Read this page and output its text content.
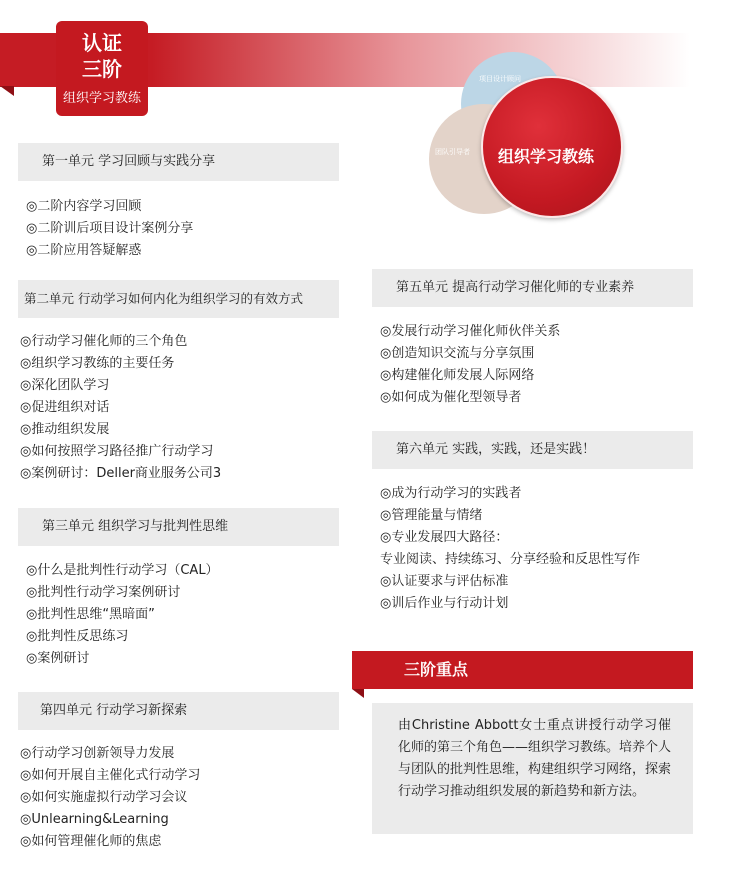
认证
三阶
组织学习教练
项目设计顾问
团队引导者 组织学习教练
第一单元 学习回顾与实践分享
◎二阶内容学习回顾
◎二阶训后项目设计案例分享
◎二阶应用答疑解惑
第二单元 行动学习如何内化为组织学习的有效方式
◎行动学习催化师的三个角色
◎组织学习教练的主要任务
◎深化团队学习
◎促进组织对话
◎推动组织发展
◎如何按照学习路径推广行动学习
◎案例研讨：Deller商业服务公司3
第三单元 组织学习与批判性思维
◎什么是批判性行动学习（CAL）
◎批判性行动学习案例研讨
◎批判性思维“黑暗面”
◎批判性反思练习
◎案例研讨
第四单元 行动学习新探索
◎行动学习创新领导力发展
◎如何开展自主催化式行动学习
◎如何实施虚拟行动学习会议
◎Unlearning&Learning
◎如何管理催化师的焦虑
第五单元 提高行动学习催化师的专业素养
◎发展行动学习催化师伙伴关系
◎创造知识交流与分享氛围
◎构建催化师发展人际网络
◎如何成为催化型领导者
第六单元 实践，实践，还是实践！
◎成为行动学习的实践者
◎管理能量与情绪
◎专业发展四大路径：
专业阅读、持续练习、分享经验和反思性写作
◎认证要求与评估标准
◎训后作业与行动计划
三阶重点
由Christine Abbott女士重点讲授行动学习催化师的第三个角色——组织学习教练。培养个人与团队的批判性思维，构建组织学习网络，探索行动学习推动组织发展的新趋势和新方法。
